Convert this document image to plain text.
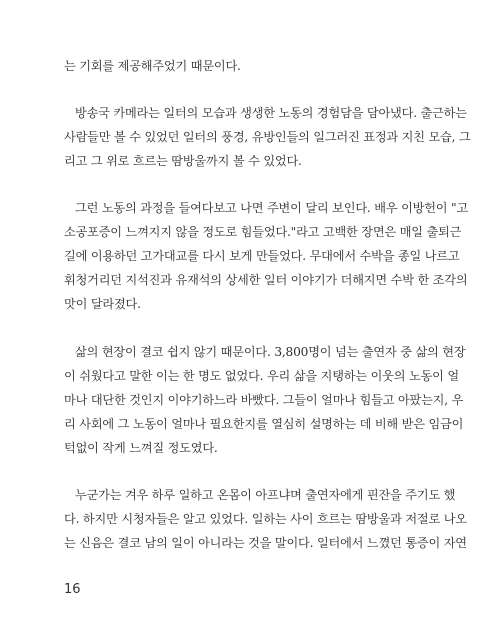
는 기회를 제공해주었기 때문이다.
방송국 카메라는 일터의 모습과 생생한 노동의 경험담을 담아냈다. 출근하는
사람들만 볼 수 있었던 일터의 풍경, 유방인들의 일그러진 표정과 지친 모습, 그
리고 그 위로 흐르는 땀방울까지 볼 수 있었다.
그런 노동의 과정을 들여다보고 나면 주변이 달리 보인다. 배우 이방헌이 "고
소공포증이 느껴지지 않을 정도로 힘들었다."라고 고백한 장면은 매일 출퇴근
길에 이용하던 고가대교를 다시 보게 만들었다. 무대에서 수박을 종일 나르고
휘청거리던 지석진과 유재석의 상세한 일터 이야기가 더해지면 수박 한 조각의
맛이 달라졌다.
삶의 현장이 결코 쉽지 않기 때문이다. 3,800명이 넘는 출연자 중 삶의 현장
이 쉬웠다고 말한 이는 한 명도 없었다. 우리 삶을 지탱하는 이웃의 노동이 얼
마나 대단한 것인지 이야기하느라 바빴다. 그들이 얼마나 힘들고 아팠는지, 우
리 사회에 그 노동이 얼마나 필요한지를 열심히 설명하는 데 비해 받은 임금이
턱없이 작게 느껴질 정도였다.
누군가는 겨우 하루 일하고 온몸이 아프냐며 출연자에게 핀잔을 주기도 했
다. 하지만 시청자들은 알고 있었다. 일하는 사이 흐르는 땀방울과 저절로 나오
는 신음은 결코 남의 일이 아니라는 것을 말이다. 일터에서 느꼈던 통증이 자연
16
